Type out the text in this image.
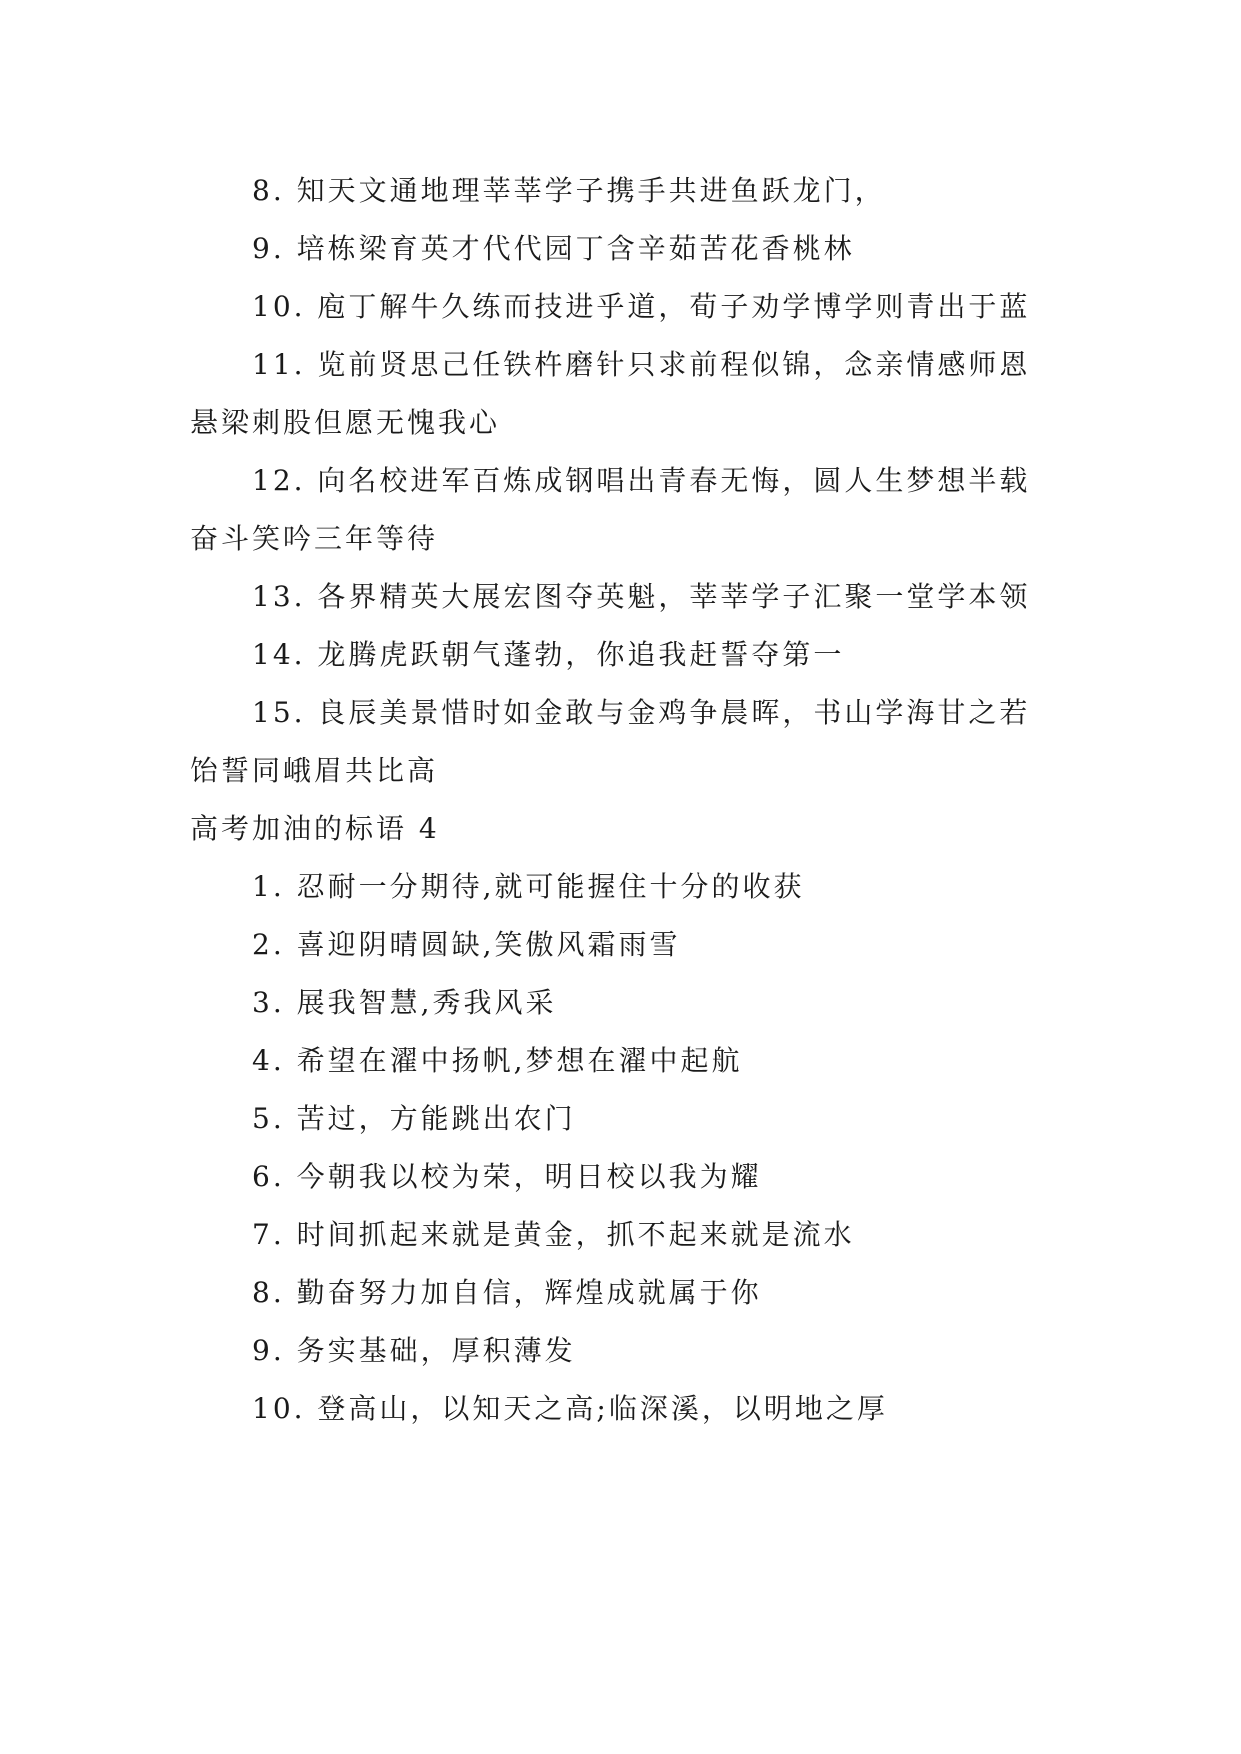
8. 知天文通地理莘莘学子携手共进鱼跃龙门，

9. 培栋梁育英才代代园丁含辛茹苦花香桃林

10. 庖丁解牛久练而技进乎道，荀子劝学博学则青出于蓝

11. 览前贤思己任铁杵磨针只求前程似锦，念亲情感师恩悬梁刺股但愿无愧我心

12. 向名校进军百炼成钢唱出青春无悔，圆人生梦想半载奋斗笑吟三年等待

13. 各界精英大展宏图夺英魁，莘莘学子汇聚一堂学本领

14. 龙腾虎跃朝气蓬勃，你追我赶誓夺第一

15. 良辰美景惜时如金敢与金鸡争晨晖，书山学海甘之若饴誓同峨眉共比高

高考加油的标语 4

1. 忍耐一分期待,就可能握住十分的收获

2. 喜迎阴晴圆缺,笑傲风霜雨雪

3. 展我智慧,秀我风采

4. 希望在濯中扬帆,梦想在濯中起航

5. 苦过，方能跳出农门

6. 今朝我以校为荣，明日校以我为耀

7. 时间抓起来就是黄金，抓不起来就是流水

8. 勤奋努力加自信，辉煌成就属于你

9. 务实基础，厚积薄发

10. 登高山，以知天之高;临深溪，以明地之厚
